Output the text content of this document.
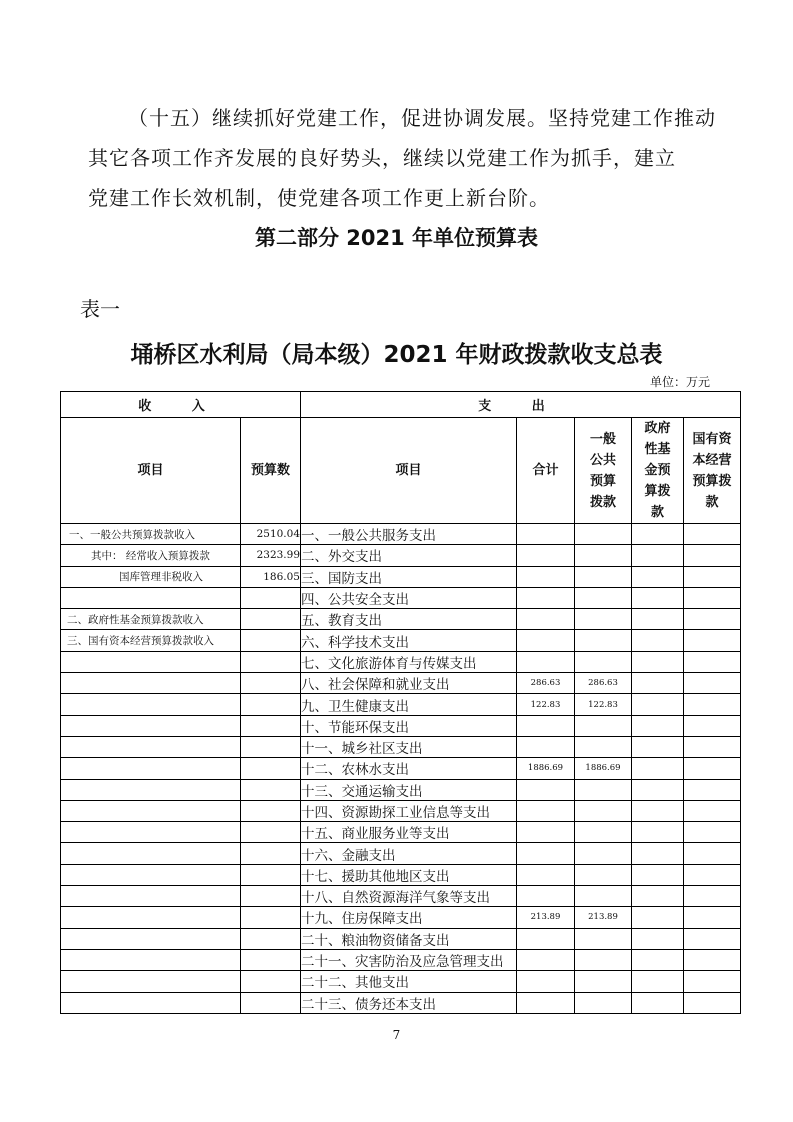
（十五）继续抓好党建工作，促进协调发展。坚持党建工作推动
其它各项工作齐发展的良好势头，继续以党建工作为抓手，建立
党建工作长效机制，使党建各项工作更上新台阶。
第二部分 2021 年单位预算表
表一
埇桥区水利局（局本级）2021 年财政拨款收支总表
单位：万元
收 入		支 出				
项目	预算数	项目	合计	一般公共预算拨款	政府性基金预算拨款	国有资本经营预算拨款
一、一般公共预算拨款收入	2510.04	一、一般公共服务支出				
其中： 经常收入预算拨款	2323.99	二、外交支出				
国库管理非税收入	186.05	三、国防支出				
		四、公共安全支出				
二、政府性基金预算拨款收入		五、教育支出				
三、国有资本经营预算拨款收入		六、科学技术支出				
		七、文化旅游体育与传媒支出				
		八、社会保障和就业支出	286.63	286.63		
		九、卫生健康支出	122.83	122.83		
		十、节能环保支出				
		十一、城乡社区支出				
		十二、农林水支出	1886.69	1886.69		
		十三、交通运输支出				
		十四、资源勘探工业信息等支出				
		十五、商业服务业等支出				
		十六、金融支出				
		十七、援助其他地区支出				
		十八、自然资源海洋气象等支出				
		十九、住房保障支出	213.89	213.89		
		二十、粮油物资储备支出				
		二十一、灾害防治及应急管理支出				
		二十二、其他支出				
		二十三、债务还本支出				
7
